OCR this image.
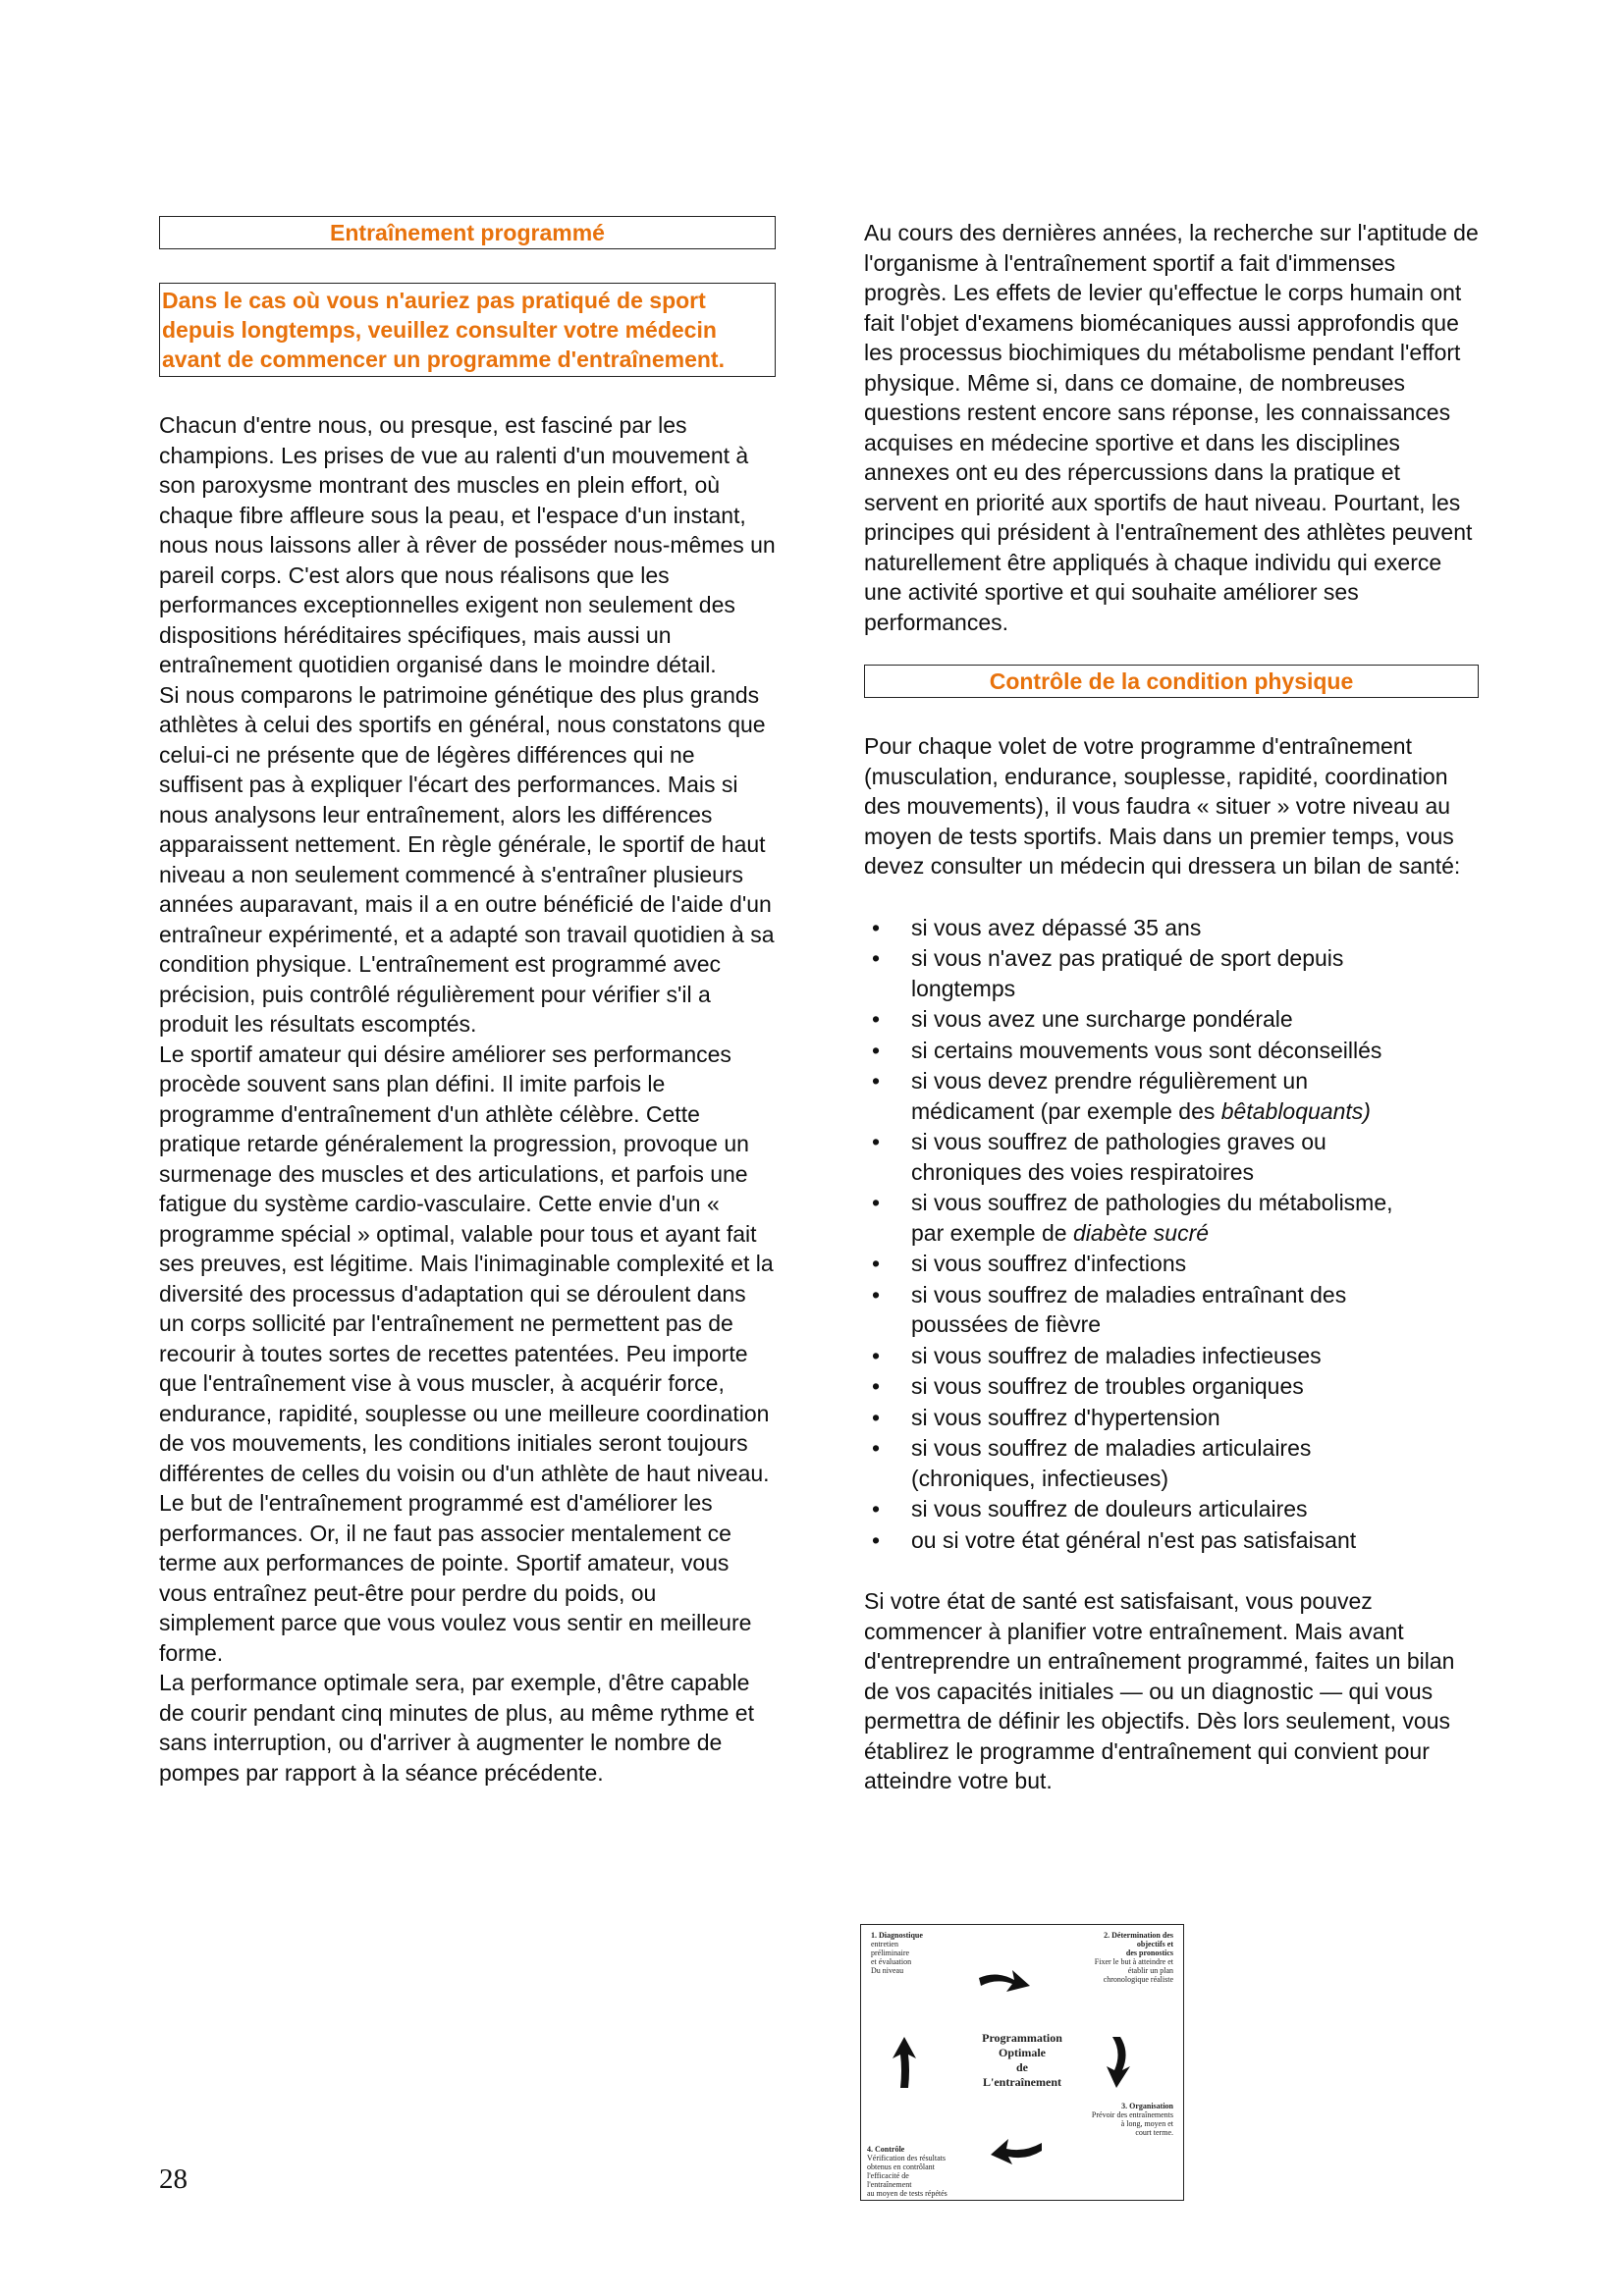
Entraînement programmé
Dans le cas où vous n'auriez pas pratiqué de sport depuis longtemps, veuillez consulter votre médecin avant de commencer un programme d'entraînement.

Chacun d'entre nous, ou presque, est fasciné par les champions. Les prises de vue au ralenti d'un mouvement à son paroxysme montrant des muscles en plein effort, où chaque fibre affleure sous la peau, et l'espace d'un instant, nous nous laissons aller à rêver de posséder nous-mêmes un pareil corps. C'est alors que nous réalisons que les performances exceptionnelles exigent non seulement des dispositions héréditaires spécifiques, mais aussi un entraînement quotidien organisé dans le moindre détail.

Si nous comparons le patrimoine génétique des plus grands athlètes à celui des sportifs en général, nous constatons que celui-ci ne présente que de légères différences qui ne suffisent pas à expliquer l'écart des performances. Mais si nous analysons leur entraînement, alors les différences apparaissent nettement. En règle générale, le sportif de haut niveau a non seulement commencé à s'entraîner plusieurs années auparavant, mais il a en outre bénéficié de l'aide d'un entraîneur expérimenté, et a adapté son travail quotidien à sa condition physique. L'entraînement est programmé avec précision, puis contrôlé régulièrement pour vérifier s'il a produit les résultats escomptés.

Le sportif amateur qui désire améliorer ses performances procède souvent sans plan défini. Il imite parfois le programme d'entraînement d'un athlète célèbre. Cette pratique retarde généralement la progression, provoque un surmenage des muscles et des articulations, et parfois une fatigue du système cardio-vasculaire. Cette envie d'un « programme spécial » optimal, valable pour tous et ayant fait ses preuves, est légitime. Mais l'inimaginable complexité et la diversité des processus d'adaptation qui se déroulent dans un corps sollicité par l'entraînement ne permettent pas de recourir à toutes sortes de recettes patentées. Peu importe que l'entraînement vise à vous muscler, à acquérir force, endurance, rapidité, souplesse ou une meilleure coordination de vos mouvements, les conditions initiales seront toujours différentes de celles du voisin ou d'un athlète de haut niveau.

Le but de l'entraînement programmé est d'améliorer les performances. Or, il ne faut pas associer mentalement ce terme aux performances de pointe. Sportif amateur, vous vous entraînez peut-être pour perdre du poids, ou simplement parce que vous voulez vous sentir en meilleure forme.

La performance optimale sera, par exemple, d'être capable de courir pendant cinq minutes de plus, au même rythme et sans interruption, ou d'arriver à augmenter le nombre de pompes par rapport à la séance précédente.

Au cours des dernières années, la recherche sur l'aptitude de l'organisme à l'entraînement sportif a fait d'immenses progrès. Les effets de levier qu'effectue le corps humain ont fait l'objet d'examens biomécaniques aussi approfondis que les processus biochimiques du métabolisme pendant l'effort physique. Même si, dans ce domaine, de nombreuses questions restent encore sans réponse, les connaissances acquises en médecine sportive et dans les disciplines annexes ont eu des répercussions dans la pratique et servent en priorité aux sportifs de haut niveau. Pourtant, les principes qui président à l'entraînement des athlètes peuvent naturellement être appliqués à chaque individu qui exerce une activité sportive et qui souhaite améliorer ses performances.

Contrôle de la condition physique

Pour chaque volet de votre programme d'entraînement (musculation, endurance, souplesse, rapidité, coordination des mouvements), il vous faudra « situer » votre niveau au moyen de tests sportifs. Mais dans un premier temps, vous devez consulter un médecin qui dressera un bilan de santé:

• si vous avez dépassé 35 ans
• si vous n'avez pas pratiqué de sport depuis
longtemps
• si vous avez une surcharge pondérale
• si certains mouvements vous sont déconseillés
• si vous devez prendre régulièrement un
médicament (par exemple des bêtabloquants)
• si vous souffrez de pathologies graves ou
chroniques des voies respiratoires
• si vous souffrez de pathologies du métabolisme,
par exemple de diabète sucré
• si vous souffrez d'infections
• si vous souffrez de maladies entraînant des
poussées de fièvre
• si vous souffrez de maladies infectieuses
• si vous souffrez de troubles organiques
• si vous souffrez d'hypertension
• si vous souffrez de maladies articulaires
(chroniques, infectieuses)
• si vous souffrez de douleurs articulaires
• ou si votre état général n'est pas satisfaisant

Si votre état de santé est satisfaisant, vous pouvez commencer à planifier votre entraînement. Mais avant d'entreprendre un entraînement programmé, faites un bilan de vos capacités initiales — ou un diagnostic — qui vous permettra de définir les objectifs. Dès lors seulement, vous établirez le programme d'entraînement qui convient pour atteindre votre but.

1. Diagnostique
entretien
préliminaire
et évaluation
Du niveau
2. Détermination des
objectifs et
des pronostics
Fixer le but à atteindre et
établir un plan
chronologique réaliste
Programmation
Optimale
de
L'entraînement
3. Organisation
Prévoir des entraînements
à long, moyen et
court terme.
4. Contrôle
Vérification des résultats
obtenus en contrôlant
l'efficacité de
l'entraînement
au moyen de tests répétés
28
